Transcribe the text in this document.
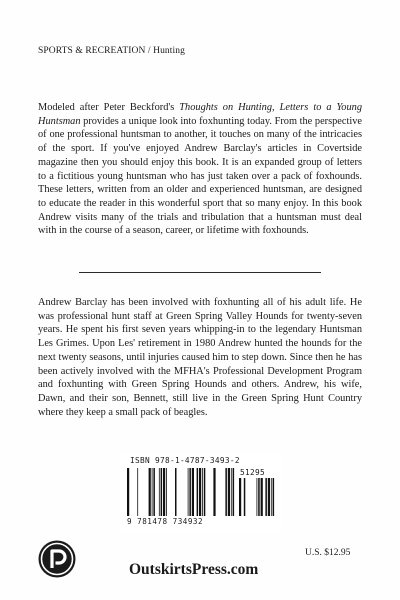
SPORTS & RECREATION / Hunting

Modeled after Peter Beckford's Thoughts on Hunting, Letters to a Young Huntsman provides a unique look into foxhunting today. From the perspective of one professional huntsman to another, it touches on many of the intricacies of the sport. If you've enjoyed Andrew Barclay's articles in Covertside magazine then you should enjoy this book. It is an expanded group of letters to a fictitious young huntsman who has just taken over a pack of foxhounds. These letters, written from an older and experienced huntsman, are designed to educate the reader in this wonderful sport that so many enjoy. In this book Andrew visits many of the trials and tribulation that a huntsman must deal with in the course of a season, career, or lifetime with foxhounds.

Andrew Barclay has been involved with foxhunting all of his adult life. He was professional hunt staff at Green Spring Valley Hounds for twenty-seven years. He spent his first seven years whipping-in to the legendary Huntsman Les Grimes. Upon Les' retirement in 1980 Andrew hunted the hounds for the next twenty seasons, until injuries caused him to step down. Since then he has been actively involved with the MFHA's Professional Development Program and foxhunting with Green Spring Hounds and others. Andrew, his wife, Dawn, and their son, Bennett, still live in the Green Spring Hunt Country where they keep a small pack of beagles.

ISBN 978-1-4787-3493-2
51295
9 781478 734932
OutskirtsPress.com
U.S. $12.95
